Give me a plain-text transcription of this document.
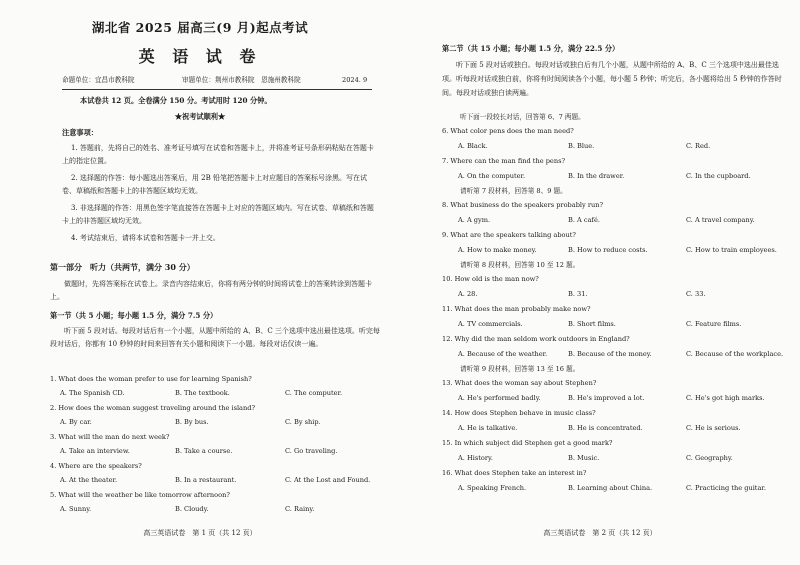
湖北省 2025 届高三(9 月)起点考试
英 语 试 卷
命题单位：宜昌市教科院	审题单位：荆州市教科院　恩施州教科院	2024. 9
本试卷共 12 页。全卷满分 150 分。考试用时 120 分钟。
★祝考试顺利★
注意事项：
1. 答题前，先将自己的姓名、准考证号填写在试卷和答题卡上，并将准考证号条形码粘贴在答题卡上的指定位置。
2. 选择题的作答：每小题选出答案后，用 2B 铅笔把答题卡上对应题目的答案标号涂黑。写在试卷、草稿纸和答题卡上的非答题区域均无效。
3. 非选择题的作答：用黑色签字笔直接答在答题卡上对应的答题区域内。写在试卷、草稿纸和答题卡上的非答题区域均无效。
4. 考试结束后，请将本试卷和答题卡一并上交。
第一部分　听力（共两节，满分 30 分）
做题时，先将答案标在试卷上。录音内容结束后，你将有两分钟的时间将试卷上的答案转涂到答题卡上。
第一节（共 5 小题；每小题 1.5 分，满分 7.5 分）
听下面 5 段对话。每段对话后有一个小题，从题中所给的 A、B、C 三个选项中选出最佳选项。听完每段对话后，你都有 10 秒钟的时间来回答有关小题和阅读下一小题。每段对话仅读一遍。
1. What does the woman prefer to use for learning Spanish?
A. The Spanish CD.	B. The textbook.	C. The computer.
2. How does the woman suggest traveling around the island?
A. By car.	B. By bus.	C. By ship.
3. What will the man do next week?
A. Take an interview.	B. Take a course.	C. Go traveling.
4. Where are the speakers?
A. At the theater.	B. In a restaurant.	C. At the Lost and Found.
5. What will the weather be like tomorrow afternoon?
A. Sunny.	B. Cloudy.	C. Rainy.
高三英语试卷　第 1 页（共 12 页）
第二节（共 15 小题；每小题 1.5 分，满分 22.5 分）
听下面 5 段对话或独白。每段对话或独白后有几个小题，从题中所给的 A、B、C 三个选项中选出最佳选项。听每段对话或独白前，你将有时间阅读各个小题，每小题 5 秒钟；听完后，各小题将给出 5 秒钟的作答时间。每段对话或独白读两遍。
听下面一段较长对话，回答第 6、7 两题。
6. What color pens does the man need?
A. Black.	B. Blue.	C. Red.
7. Where can the man find the pens?
A. On the computer.	B. In the drawer.	C. In the cupboard.
请听第 7 段材料，回答第 8、9 题。
8. What business do the speakers probably run?
A. A gym.	B. A café.	C. A travel company.
9. What are the speakers talking about?
A. How to make money.	B. How to reduce costs.	C. How to train employees.
请听第 8 段材料，回答第 10 至 12 题。
10. How old is the man now?
A. 28.	B. 31.	C. 33.
11. What does the man probably make now?
A. TV commercials.	B. Short films.	C. Feature films.
12. Why did the man seldom work outdoors in England?
A. Because of the weather.	B. Because of the money.	C. Because of the workplace.
请听第 9 段材料，回答第 13 至 16 题。
13. What does the woman say about Stephen?
A. He's performed badly.	B. He's improved a lot.	C. He's got high marks.
14. How does Stephen behave in music class?
A. He is talkative.	B. He is concentrated.	C. He is serious.
15. In which subject did Stephen get a good mark?
A. History.	B. Music.	C. Geography.
16. What does Stephen take an interest in?
A. Speaking French.	B. Learning about China.	C. Practicing the guitar.
高三英语试卷　第 2 页（共 12 页）
